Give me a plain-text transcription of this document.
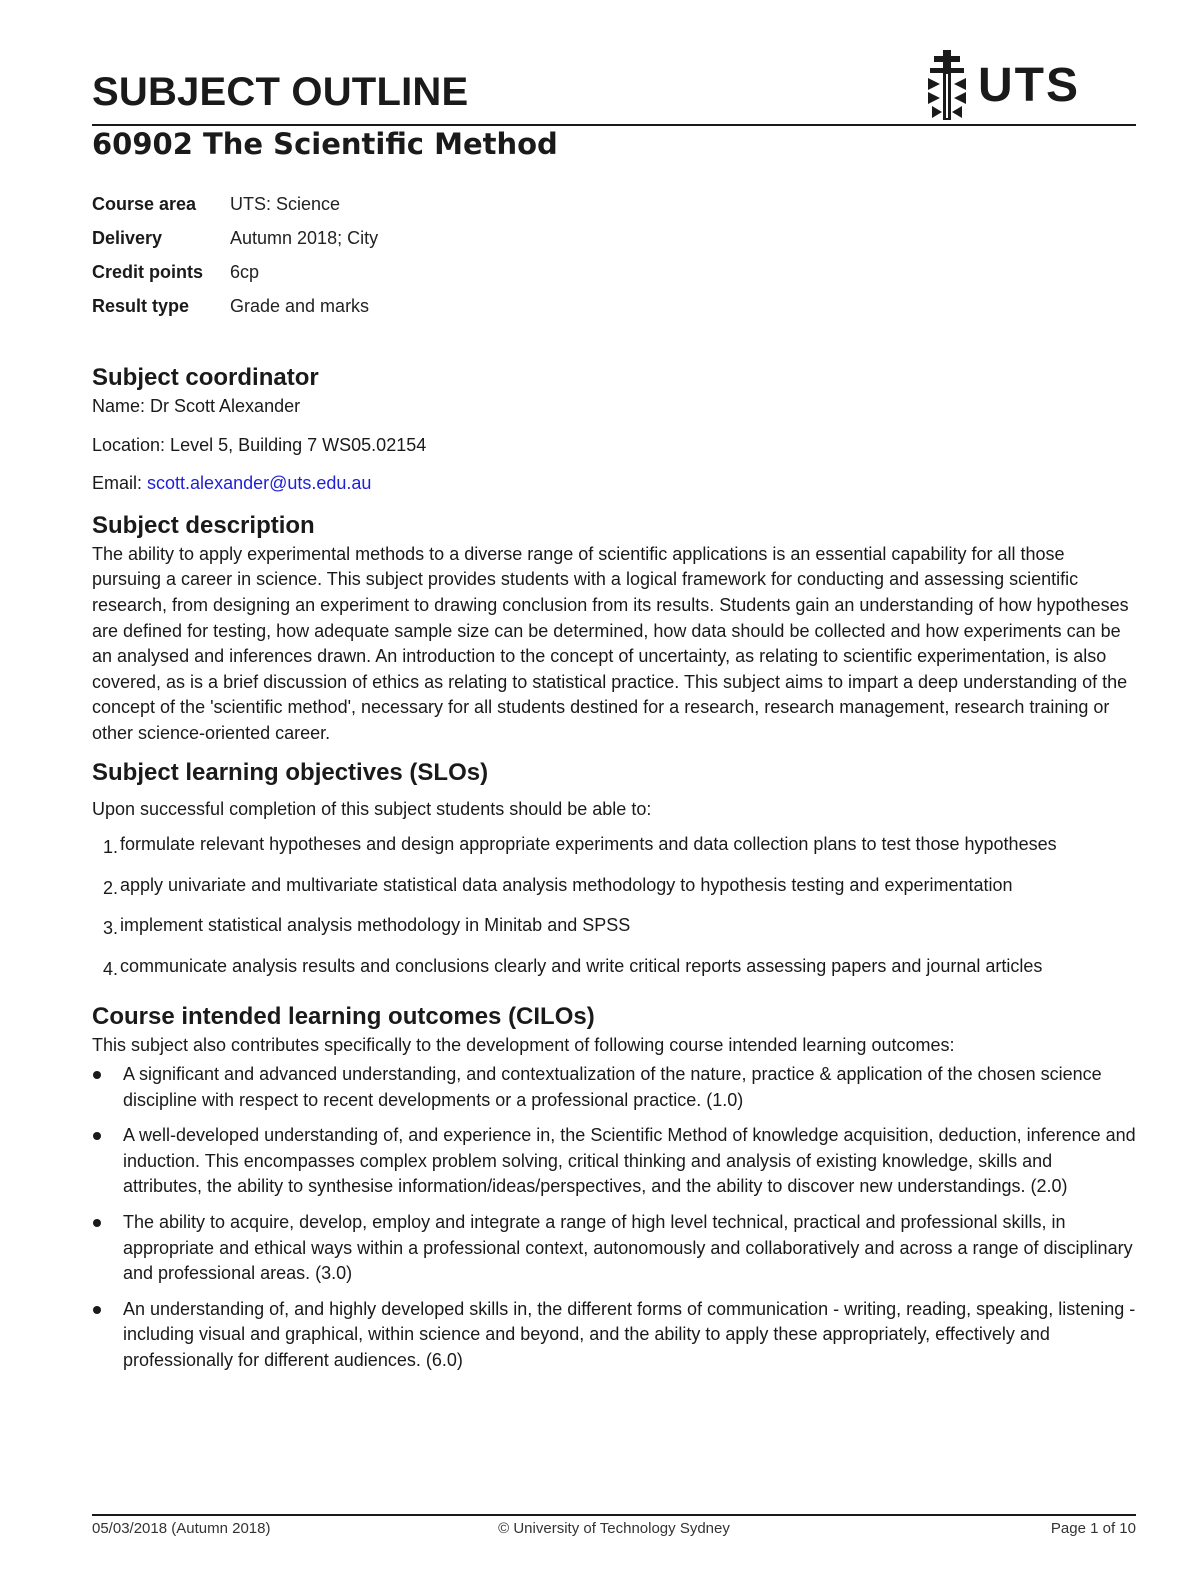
SUBJECT OUTLINE	UTS
60902 The Scientific Method
Course area	UTS: Science
Delivery	Autumn 2018; City
Credit points	6cp
Result type	Grade and marks
Subject coordinator

Name: Dr Scott Alexander

Location: Level 5, Building 7 WS05.02154

Email: scott.alexander@uts.edu.au

Subject description

The ability to apply experimental methods to a diverse range of scientific applications is an essential capability for all those pursuing a career in science. This subject provides students with a logical framework for conducting and assessing scientific research, from designing an experiment to drawing conclusion from its results. Students gain an understanding of how hypotheses are defined for testing, how adequate sample size can be determined, how data should be collected and how experiments can be an analysed and inferences drawn. An introduction to the concept of uncertainty, as relating to scientific experimentation, is also covered, as is a brief discussion of ethics as relating to statistical practice. This subject aims to impart a deep understanding of the concept of the 'scientific method', necessary for all students destined for a research, research management, research training or other science-oriented career.

Subject learning objectives (SLOs)

Upon successful completion of this subject students should be able to:

1. formulate relevant hypotheses and design appropriate experiments and data collection plans to test those hypotheses
2. apply univariate and multivariate statistical data analysis methodology to hypothesis testing and experimentation
3. implement statistical analysis methodology in Minitab and SPSS
4. communicate analysis results and conclusions clearly and write critical reports assessing papers and journal articles
Course intended learning outcomes (CILOs)

This subject also contributes specifically to the development of following course intended learning outcomes:

A significant and advanced understanding, and contextualization of the nature, practice & application of the chosen science discipline with respect to recent developments or a professional practice. (1.0)
A well-developed understanding of, and experience in, the Scientific Method of knowledge acquisition, deduction, inference and induction. This encompasses complex problem solving, critical thinking and analysis of existing knowledge, skills and attributes, the ability to synthesise information/ideas/perspectives, and the ability to discover new understandings. (2.0)
The ability to acquire, develop, employ and integrate a range of high level technical, practical and professional skills, in appropriate and ethical ways within a professional context, autonomously and collaboratively and across a range of disciplinary and professional areas. (3.0)
An understanding of, and highly developed skills in, the different forms of communication - writing, reading, speaking, listening - including visual and graphical, within science and beyond, and the ability to apply these appropriately, effectively and professionally for different audiences. (6.0)
05/03/2018 (Autumn 2018)	© University of Technology Sydney	Page 1 of 10
